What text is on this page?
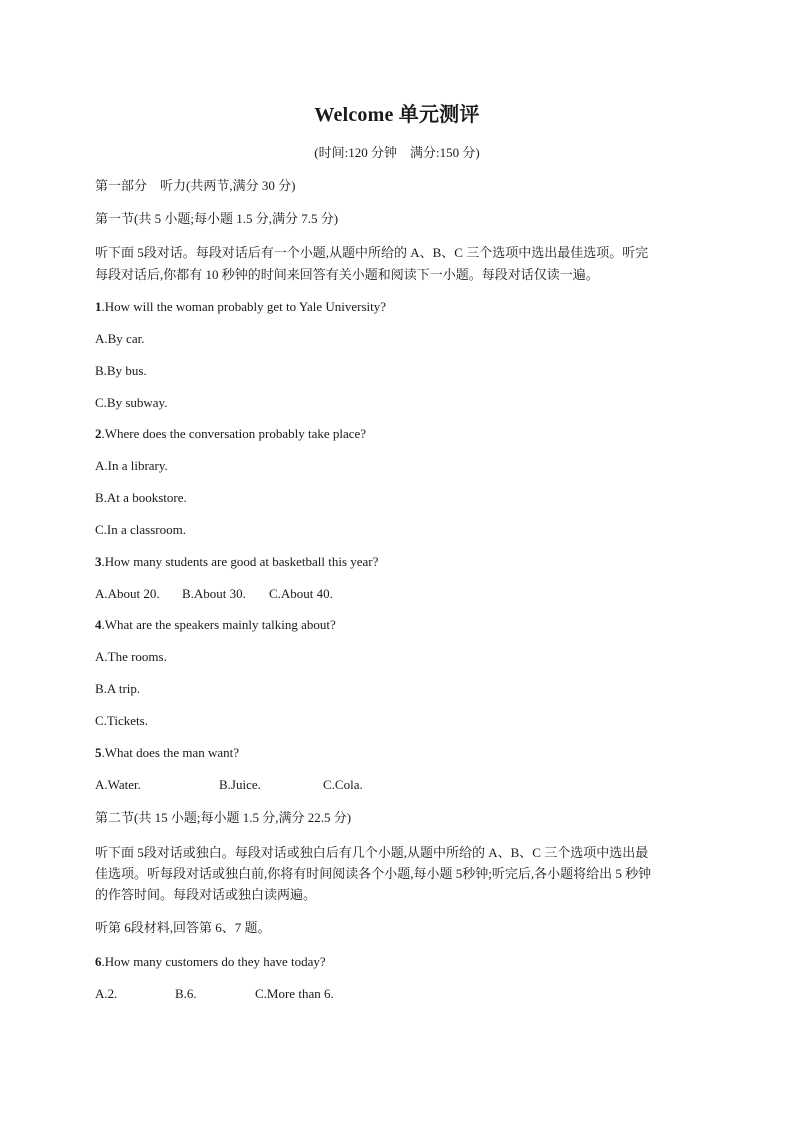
Welcome 单元测评
(时间:120 分钟　满分:150 分)
第一部分　听力(共两节,满分 30 分)
第一节(共 5 小题;每小题 1.5 分,满分 7.5 分)
听下面 5段对话。每段对话后有一个小题,从题中所给的 A、B、C 三个选项中选出最佳选项。听完
每段对话后,你都有 10 秒钟的时间来回答有关小题和阅读下一小题。每段对话仅读一遍。
1.How will the woman probably get to Yale University?
A.By car.
B.By bus.
C.By subway.
2.Where does the conversation probably take place?
A.In a library.
B.At a bookstore.
C.In a classroom.
3.How many students are good at basketball this year?
A.About 20. B.About 30. C.About 40.
4.What are the speakers mainly talking about?
A.The rooms.
B.A trip.
C.Tickets.
5.What does the man want?
A.Water.	B.Juice.	C.Cola.
第二节(共 15 小题;每小题 1.5 分,满分 22.5 分)
听下面 5段对话或独白。每段对话或独白后有几个小题,从题中所给的 A、B、C 三个选项中选出最
佳选项。听每段对话或独白前,你将有时间阅读各个小题,每小题 5秒钟;听完后,各小题将给出 5 秒钟
的作答时间。每段对话或独白读两遍。
听第 6段材料,回答第 6、7 题。
6.How many customers do they have today?
A.2.	B.6.	C.More than 6.
